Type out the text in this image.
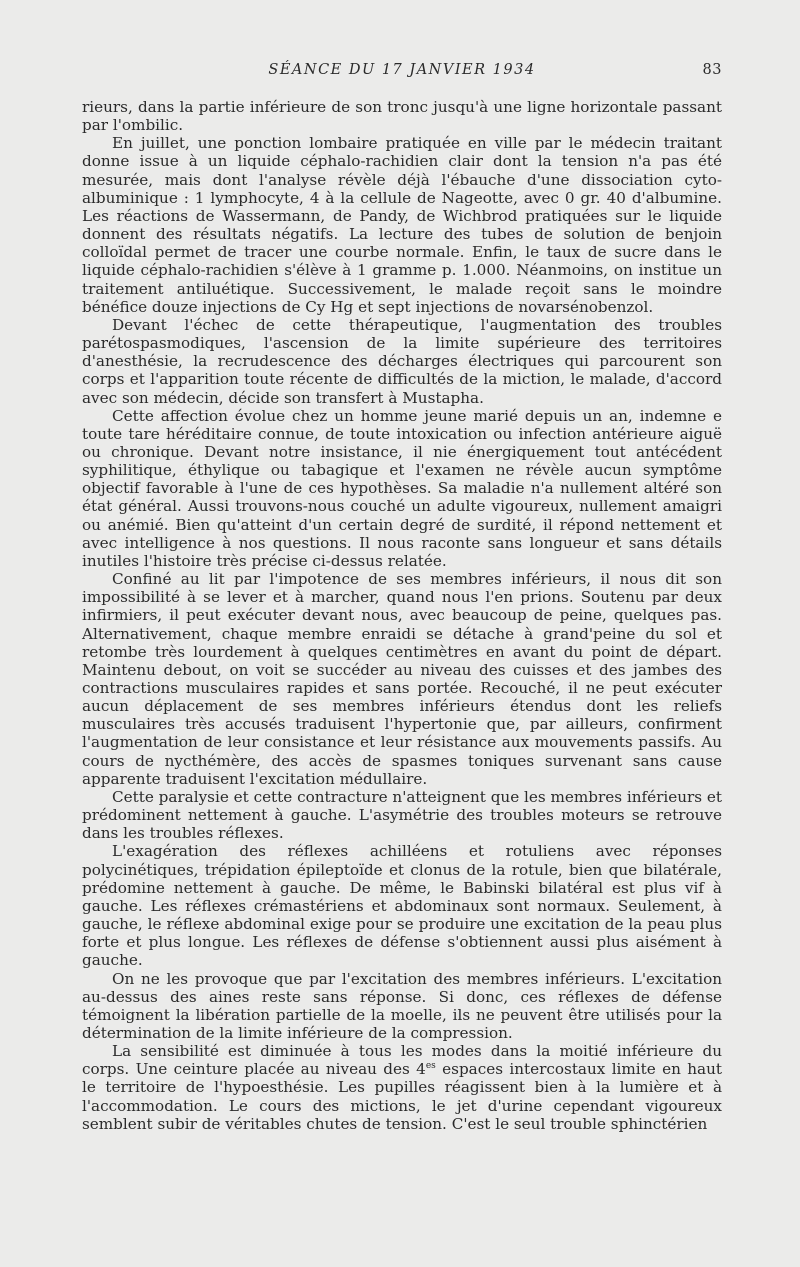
SÉANCE DU 17 JANVIER 1934	83

rieurs, dans la partie inférieure de son tronc jusqu'à une ligne horizontale passant par l'ombilic.

En juillet, une ponction lombaire pratiquée en ville par le médecin traitant donne issue à un liquide céphalo-rachidien clair dont la tension n'a pas été mesurée, mais dont l'analyse révèle déjà l'ébauche d'une dissociation cyto-albuminique : 1 lymphocyte, 4 à la cellule de Nageotte, avec 0 gr. 40 d'albumine. Les réactions de Wassermann, de Pandy, de Wichbrod pratiquées sur le liquide donnent des résultats négatifs. La lecture des tubes de solution de benjoin colloïdal permet de tracer une courbe normale. Enfin, le taux de sucre dans le liquide céphalo-rachidien s'élève à 1 gramme p. 1.000. Néanmoins, on institue un traitement antiluétique. Successivement, le malade reçoit sans le moindre bénéfice douze injections de Cy Hg et sept injections de novarsénobenzol.

Devant l'échec de cette thérapeutique, l'augmentation des troubles parétospasmodiques, l'ascension de la limite supérieure des territoires d'anesthésie, la recrudescence des décharges électriques qui parcourent son corps et l'apparition toute récente de difficultés de la miction, le malade, d'accord avec son médecin, décide son transfert à Mustapha.

Cette affection évolue chez un homme jeune marié depuis un an, indemne e toute tare héréditaire connue, de toute intoxication ou infection antérieure aiguë ou chronique. Devant notre insistance, il nie énergiquement tout antécédent syphilitique, éthylique ou tabagique et l'examen ne révèle aucun symptôme objectif favorable à l'une de ces hypothèses. Sa maladie n'a nullement altéré son état général. Aussi trouvons-nous couché un adulte vigoureux, nullement amaigri ou anémié. Bien qu'atteint d'un certain degré de surdité, il répond nettement et avec intelligence à nos questions. Il nous raconte sans longueur et sans détails inutiles l'histoire très précise ci-dessus relatée.

Confiné au lit par l'impotence de ses membres inférieurs, il nous dit son impossibilité à se lever et à marcher, quand nous l'en prions. Soutenu par deux infirmiers, il peut exécuter devant nous, avec beaucoup de peine, quelques pas. Alternativement, chaque membre enraidi se détache à grand'peine du sol et retombe très lourdement à quelques centimètres en avant du point de départ. Maintenu debout, on voit se succéder au niveau des cuisses et des jambes des contractions musculaires rapides et sans portée. Recouché, il ne peut exécuter aucun déplacement de ses membres inférieurs étendus dont les reliefs musculaires très accusés traduisent l'hypertonie que, par ailleurs, confirment l'augmentation de leur consistance et leur résistance aux mouvements passifs. Au cours de nycthémère, des accès de spasmes toniques survenant sans cause apparente traduisent l'excitation médullaire.

Cette paralysie et cette contracture n'atteignent que les membres inférieurs et prédominent nettement à gauche. L'asymétrie des troubles moteurs se retrouve dans les troubles réflexes.

L'exagération des réflexes achilléens et rotuliens avec réponses polycinétiques, trépidation épileptoïde et clonus de la rotule, bien que bilatérale, prédomine nettement à gauche. De même, le Babinski bilatéral est plus vif à gauche. Les réflexes crémastériens et abdominaux sont normaux. Seulement, à gauche, le réflexe abdominal exige pour se produire une excitation de la peau plus forte et plus longue. Les réflexes de défense s'obtiennent aussi plus aisément à gauche.

On ne les provoque que par l'excitation des membres inférieurs. L'excitation au-dessus des aines reste sans réponse. Si donc, ces réflexes de défense témoignent la libération partielle de la moelle, ils ne peuvent être utilisés pour la détermination de la limite inférieure de la compression.

La sensibilité est diminuée à tous les modes dans la moitié inférieure du corps. Une ceinture placée au niveau des $4^{es}$ espaces intercostaux limite en haut le territoire de l'hypoesthésie. Les pupilles réagissent bien à la lumière et à l'accommodation. Le cours des mictions, le jet d'urine cependant vigoureux semblent subir de véritables chutes de tension. C'est le seul trouble sphinctérien
